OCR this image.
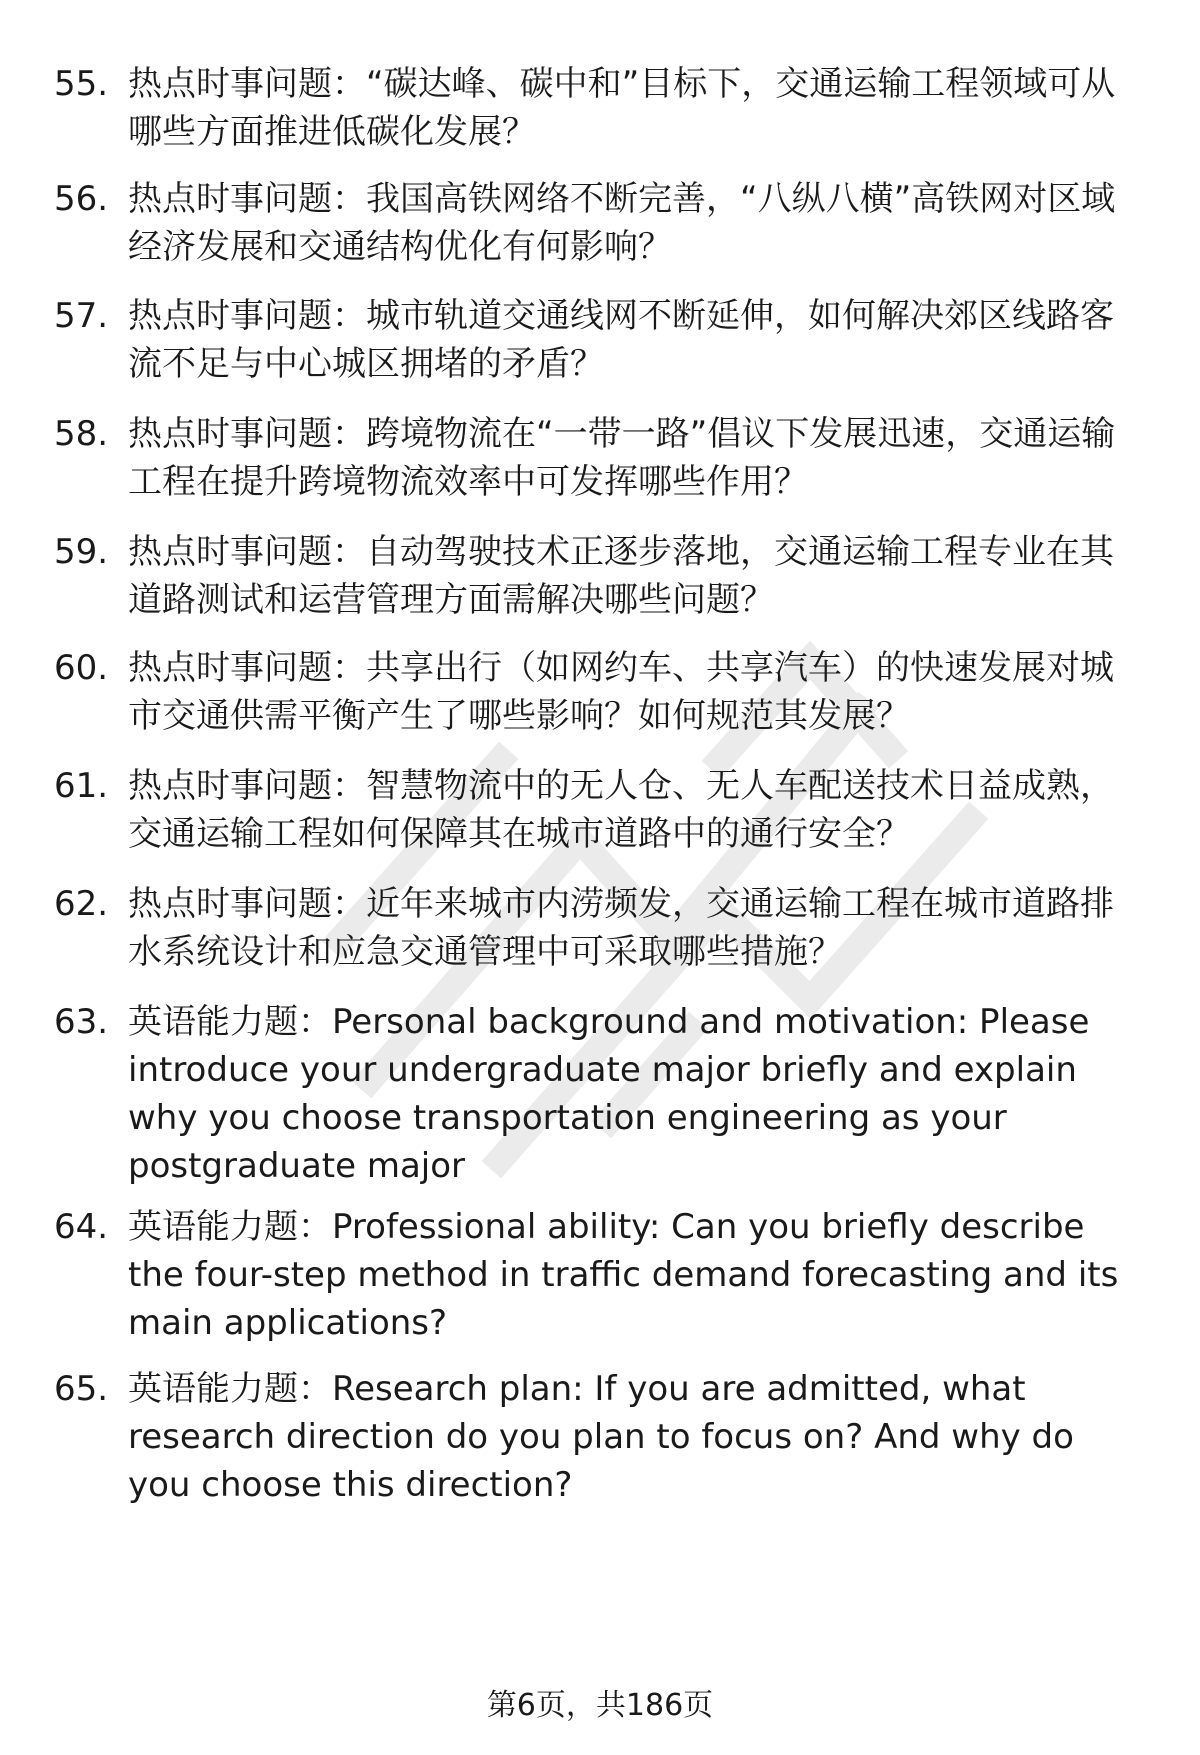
55. 热点时事问题：“碳达峰、碳中和”目标下，交通运输工程领域可从哪些方面推进低碳化发展？
56. 热点时事问题：我国高铁网络不断完善，“八纵八横”高铁网对区域经济发展和交通结构优化有何影响？
57. 热点时事问题：城市轨道交通线网不断延伸，如何解决郊区线路客流不足与中心城区拥堵的矛盾？
58. 热点时事问题：跨境物流在“一带一路”倡议下发展迅速，交通运输工程在提升跨境物流效率中可发挥哪些作用？
59. 热点时事问题：自动驾驶技术正逐步落地，交通运输工程专业在其道路测试和运营管理方面需解决哪些问题？
60. 热点时事问题：共享出行（如网约车、共享汽车）的快速发展对城市交通供需平衡产生了哪些影响？如何规范其发展？
61. 热点时事问题：智慧物流中的无人仓、无人车配送技术日益成熟，交通运输工程如何保障其在城市道路中的通行安全？
62. 热点时事问题：近年来城市内涝频发，交通运输工程在城市道路排水系统设计和应急交通管理中可采取哪些措施？
63. 英语能力题：Personal background and motivation: Please introduce your undergraduate major briefly and explain why you choose transportation engineering as your postgraduate major
64. 英语能力题：Professional ability: Can you briefly describe the four-step method in traffic demand forecasting and its main applications?
65. 英语能力题：Research plan: If you are admitted, what research direction do you plan to focus on? And why do you choose this direction?
第6页，共186页
